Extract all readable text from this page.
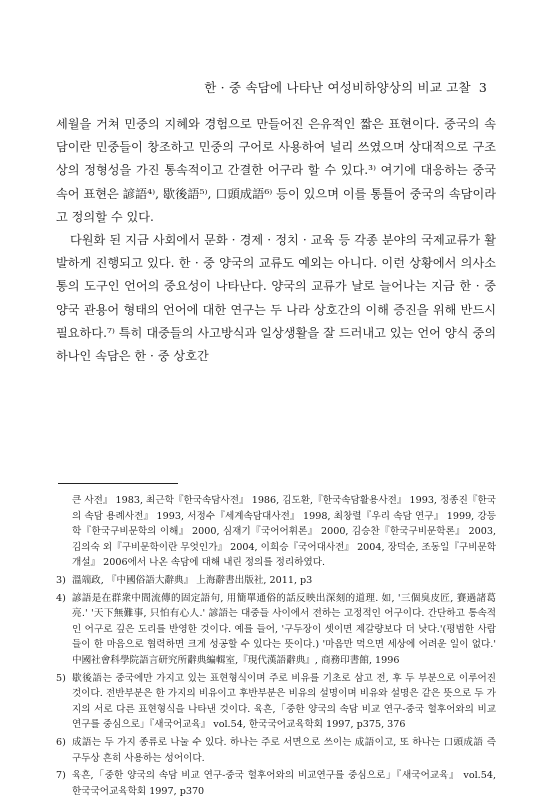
한 · 중 속담에 나타난 여성비하양상의 비교 고찰 3

세월을 거쳐 민중의 지혜와 경험으로 만들어진 은유적인 짧은 표현이다. 중국의 속담이란 민중들이 창조하고 민중의 구어로 사용하여 널리 쓰였으며 상대적으로 구조상의 정형성을 가진 통속적이고 간결한 어구라 할 수 있다.³⁾ 여기에 대응하는 중국 속어 표현은 諺語⁴⁾, 歇後語⁵⁾, 口頭成語⁶⁾ 등이 있으며 이를 통틀어 중국의 속담이라고 정의할 수 있다.

다원화 된 지금 사회에서 문화 · 경제 · 정치 · 교육 등 각종 분야의 국제교류가 활발하게 진행되고 있다. 한 · 중 양국의 교류도 예외는 아니다. 이런 상황에서 의사소통의 도구인 언어의 중요성이 나타난다. 양국의 교류가 날로 늘어나는 지금 한 · 중 양국 관용어 형태의 언어에 대한 연구는 두 나라 상호간의 이해 증진을 위해 반드시 필요하다.⁷⁾ 특히 대중들의 사고방식과 일상생활을 잘 드러내고 있는 언어 양식 중의 하나인 속담은 한 · 중 상호간

큰 사전』 1983, 최근학『한국속담사전』 1986, 김도환,『한국속담활용사전』 1993, 정종진『한국의 속담 용례사전』 1993, 서정수『세계속담대사전』 1998, 최창렬『우리 속담 연구』 1999, 강등학『한국구비문학의 이해』 2000, 심재기『국어어휘론』 2000, 김승찬『한국구비문학론』 2003, 김의숙 외『구비문학이란 무엇인가』 2004, 이희승『국어대사전』 2004, 장덕순, 조동일『구비문학개설』 2006에서 나온 속담에 대해 내린 정의를 정리하였다.
3) 溫端政, 『中國俗語大辭典』 上海辭書出版社, 2011, p3
4) 諺語是在群衆中間流傳的固定語句, 用簡單通俗的話反映出深刻的道理. 如, '三個臭皮匠, 賽過諸葛亮.' '天下無難事, 只怕有心人.' 諺語는 대중들 사이에서 전하는 고정적인 어구이다. 간단하고 통속적인 어구로 깊은 도리를 반영한 것이다. 예를 들어, '구두장이 셋이면 제갈량보다 더 낫다.'(평범한 사람들이 한 마음으로 협력하면 크게 성공할 수 있다는 뜻이다.) '마음만 먹으면 세상에 어려운 일이 없다.' 中國社會科學院語言研究所辭典編輯室,『現代漢語辭典』, 商務印書館, 1996
5) 歇後語는 중국에만 가지고 있는 표현형식이며 주로 비유를 기초로 삼고 전, 후 두 부분으로 이루어진 것이다. 전반부분은 한 가지의 비유이고 후반부분은 비유의 설명이며 비유와 설명은 같은 뜻으로 두 가지의 서로 다른 표현형식을 나타낸 것이다. 육흔,「중한 양국의 속담 비교 연구-중국 헐후어와의 비교연구를 중심으로」『새국어교육』 vol.54, 한국국어교육학회 1997, p375, 376
6) 成語는 두 가지 종류로 나눌 수 있다. 하나는 주로 서면으로 쓰이는 成語이고, 또 하나는 口頭成語 즉 구두상 흔히 사용하는 성어이다.
7) 육흔,「중한 양국의 속담 비교 연구-중국 헐후어와의 비교연구를 중심으로」『새국어교육』 vol.54, 한국국어교육학회 1997, p370
